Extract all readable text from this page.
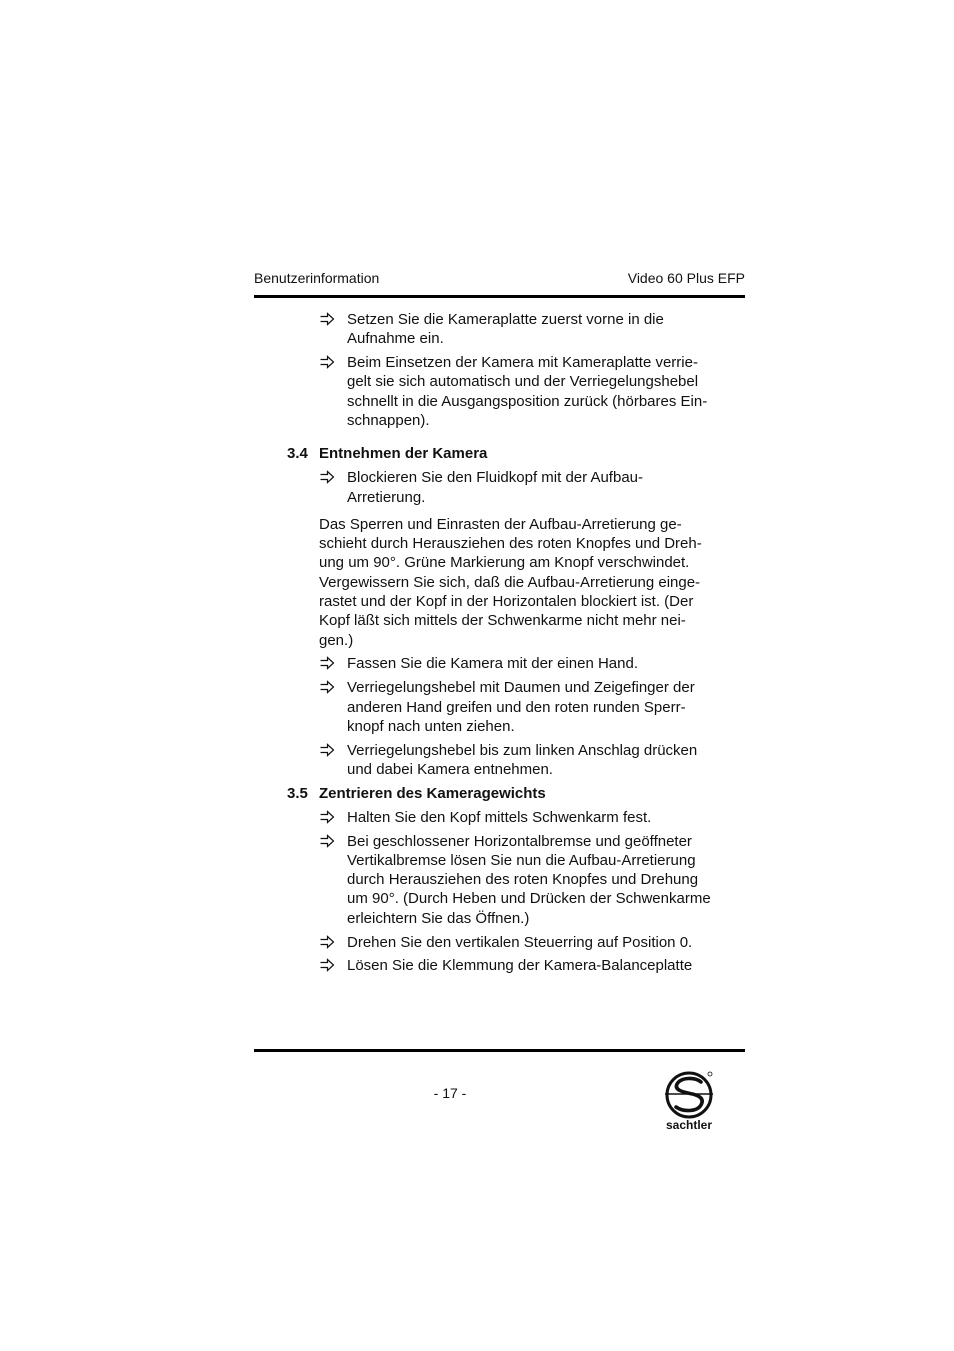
Benutzerinformation	Video 60 Plus EFP
Setzen Sie die Kameraplatte zuerst vorne in die
Aufnahme ein.
Beim Einsetzen der Kamera mit Kameraplatte verrie-
gelt sie sich automatisch und der Verriegelungshebel
schnellt in die Ausgangsposition zurück (hörbares Ein-
schnappen).
3.4 Entnehmen der Kamera
Blockieren Sie den Fluidkopf mit der Aufbau-
Arretierung.
Das Sperren und Einrasten der Aufbau-Arretierung ge-
schieht durch Herausziehen des roten Knopfes und Dreh-
ung um 90°. Grüne Markierung am Knopf verschwindet.
Vergewissern Sie sich, daß die Aufbau-Arretierung einge-
rastet und der Kopf in der Horizontalen blockiert ist. (Der
Kopf läßt sich mittels der Schwenkarme nicht mehr nei-
gen.)
Fassen Sie die Kamera mit der einen Hand.
Verriegelungshebel mit Daumen und Zeigefinger der
anderen Hand greifen und den roten runden Sperr-
knopf nach unten ziehen.
Verriegelungshebel bis zum linken Anschlag drücken
und dabei Kamera entnehmen.
3.5 Zentrieren des Kameragewichts
Halten Sie den Kopf mittels Schwenkarm fest.
Bei geschlossener Horizontalbremse und geöffneter
Vertikalbremse lösen Sie nun die Aufbau-Arretierung
durch Herausziehen des roten Knopfes und Drehung
um 90°. (Durch Heben und Drücken der Schwenkarme
erleichtern Sie das Öffnen.)
Drehen Sie den vertikalen Steuerring auf Position 0.
Lösen Sie die Klemmung der Kamera-Balanceplatte
- 17 -
sachtler
